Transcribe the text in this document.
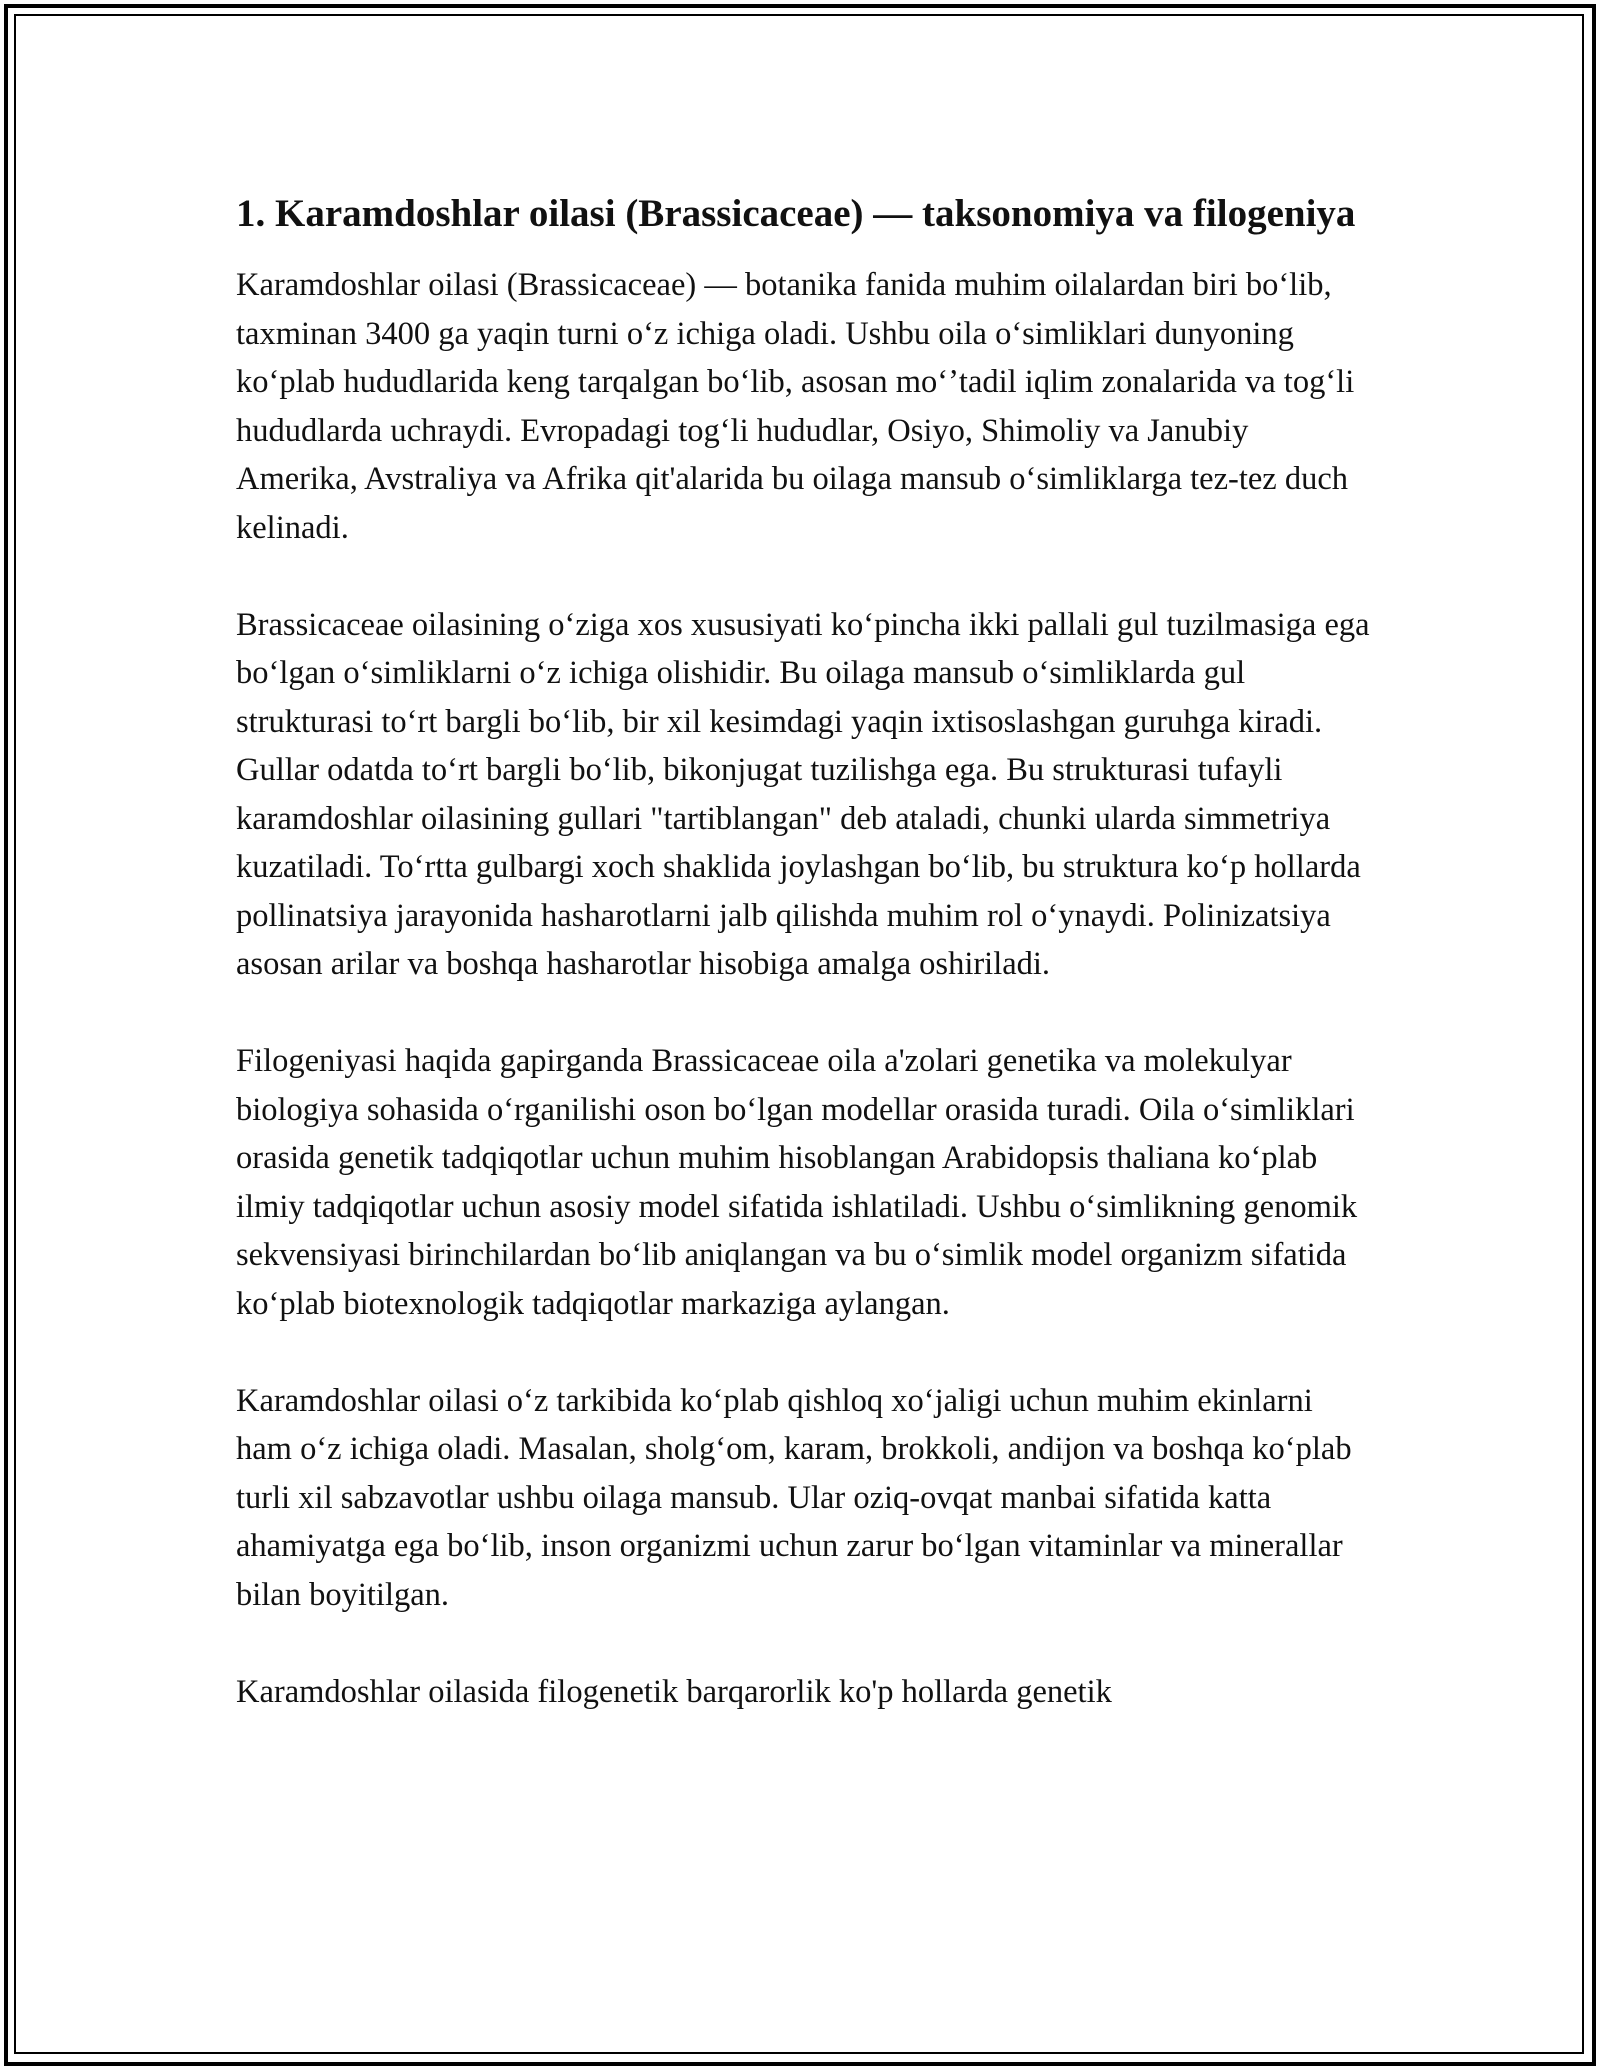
1. Karamdoshlar oilasi (Brassicaceae) — taksonomiya va filogeniya

Karamdoshlar oilasi (Brassicaceae) — botanika fanida muhim oilalardan biri boʻlib, taxminan 3400 ga yaqin turni oʻz ichiga oladi. Ushbu oila oʻsimliklari dunyoning koʻplab hududlarida keng tarqalgan boʻlib, asosan moʻʼtadil iqlim zonalarida va togʻli hududlarda uchraydi. Evropadagi togʻli hududlar, Osiyo, Shimoliy va Janubiy Amerika, Avstraliya va Afrika qit'alarida bu oilaga mansub oʻsimliklarga tez-tez duch kelinadi.

Brassicaceae oilasining oʻziga xos xususiyati koʻpincha ikki pallali gul tuzilmasiga ega boʻlgan oʻsimliklarni oʻz ichiga olishidir. Bu oilaga mansub oʻsimliklarda gul strukturasi toʻrt bargli boʻlib, bir xil kesimdagi yaqin ixtisoslashgan guruhga kiradi. Gullar odatda toʻrt bargli boʻlib, bikonjugat tuzilishga ega. Bu strukturasi tufayli karamdoshlar oilasining gullari "tartiblangan" deb ataladi, chunki ularda simmetriya kuzatiladi. Toʻrtta gulbargi xoch shaklida joylashgan boʻlib, bu struktura koʻp hollarda pollinatsiya jarayonida hasharotlarni jalb qilishda muhim rol oʻynaydi. Polinizatsiya asosan arilar va boshqa hasharotlar hisobiga amalga oshiriladi.

Filogeniyasi haqida gapirganda Brassicaceae oila a'zolari genetika va molekulyar biologiya sohasida oʻrganilishi oson boʻlgan modellar orasida turadi. Oila oʻsimliklari orasida genetik tadqiqotlar uchun muhim hisoblangan Arabidopsis thaliana koʻplab ilmiy tadqiqotlar uchun asosiy model sifatida ishlatiladi. Ushbu oʻsimlikning genomik sekvensiyasi birinchilardan boʻlib aniqlangan va bu oʻsimlik model organizm sifatida koʻplab biotexnologik tadqiqotlar markaziga aylangan.

Karamdoshlar oilasi oʻz tarkibida koʻplab qishloq xoʻjaligi uchun muhim ekinlarni ham oʻz ichiga oladi. Masalan, sholgʻom, karam, brokkoli, andijon va boshqa koʻplab turli xil sabzavotlar ushbu oilaga mansub. Ular oziq-ovqat manbai sifatida katta ahamiyatga ega boʻlib, inson organizmi uchun zarur boʻlgan vitaminlar va minerallar bilan boyitilgan.

Karamdoshlar oilasida filogenetik barqarorlik ko'p hollarda genetik
